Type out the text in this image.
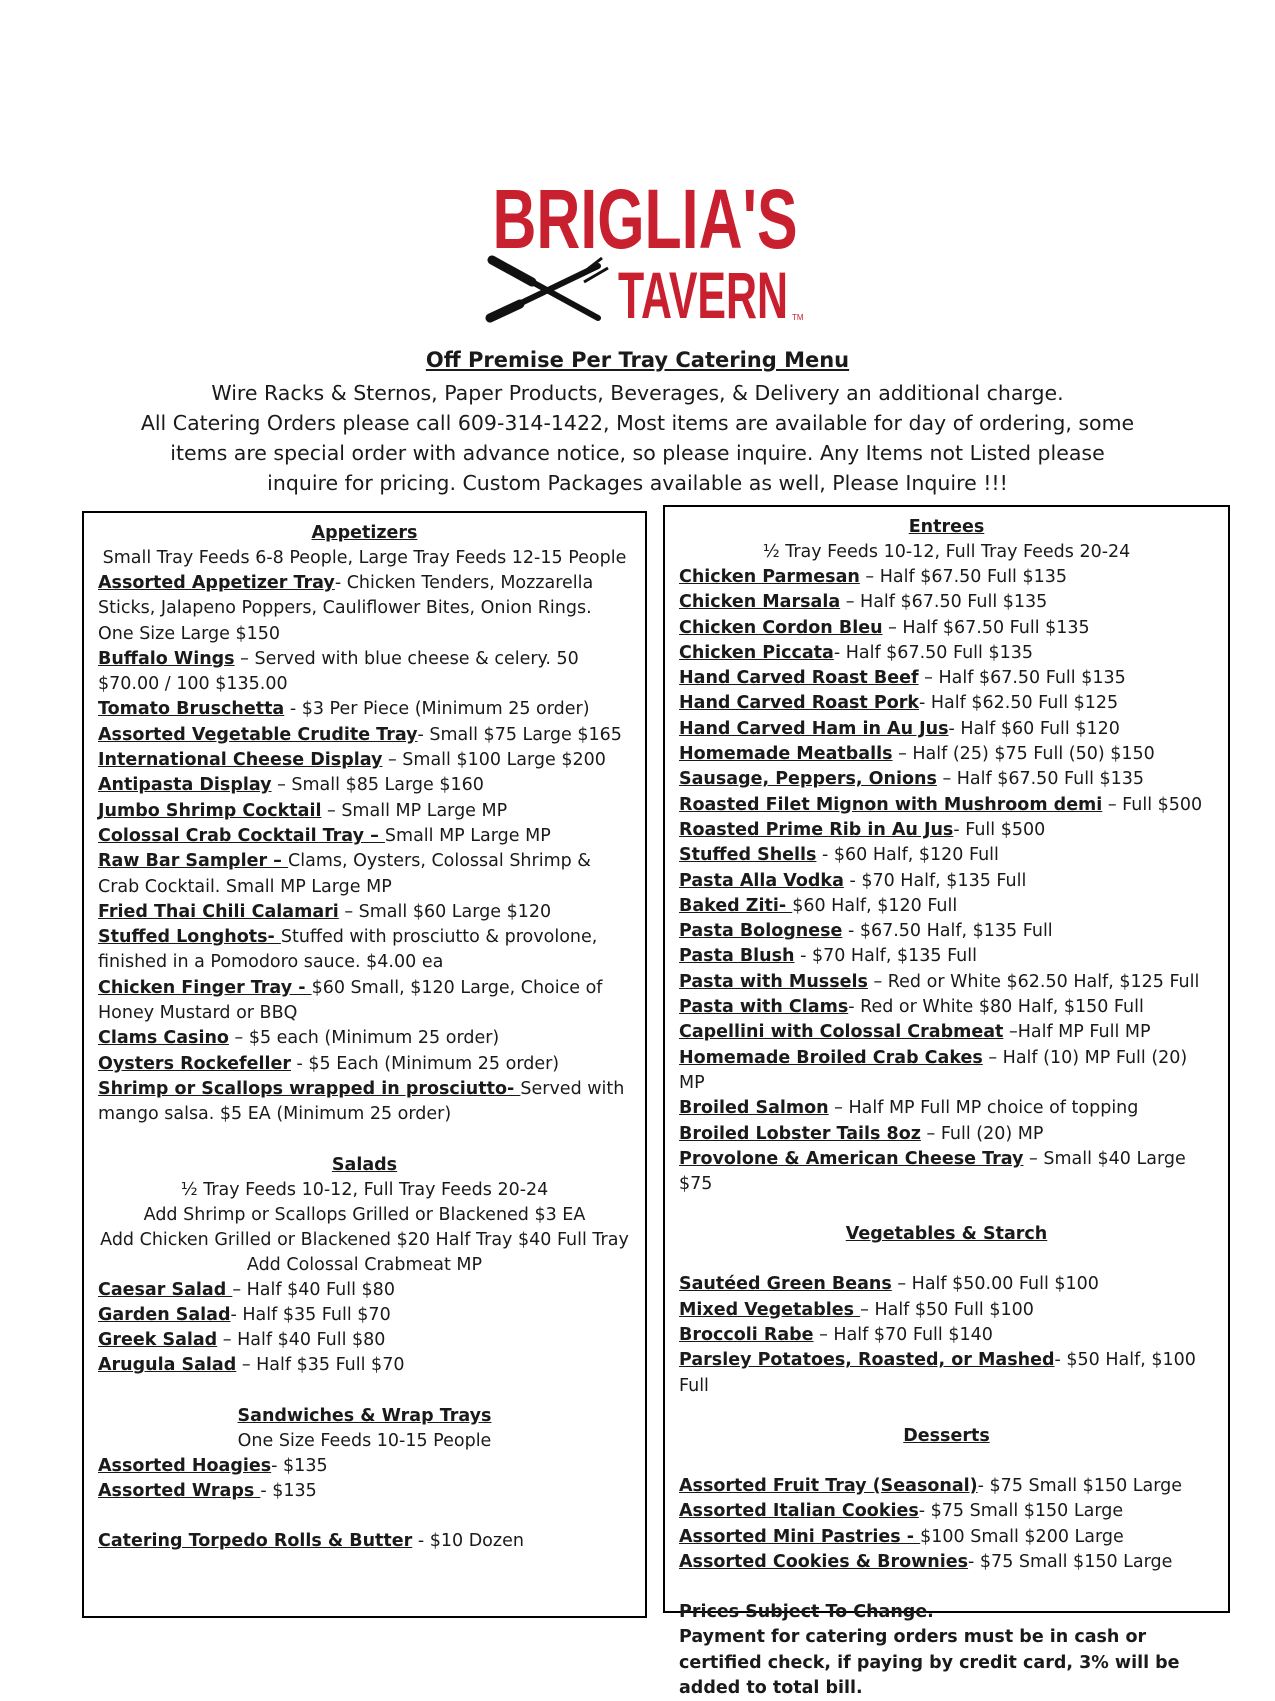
BRIGLIA'S
TAVERN TM

Off Premise Per Tray Catering Menu

Wire Racks & Sternos, Paper Products, Beverages, & Delivery an additional charge.

All Catering Orders please call 609-314-1422, Most items are available for day of ordering, some

items are special order with advance notice, so please inquire. Any Items not Listed please

inquire for pricing. Custom Packages available as well, Please Inquire !!!

Appetizers
Small Tray Feeds 6-8 People, Large Tray Feeds 12-15 People
Assorted Appetizer Tray- Chicken Tenders, Mozzarella Sticks, Jalapeno Poppers, Cauliflower Bites, Onion Rings. One Size Large $150
Buffalo Wings – Served with blue cheese & celery. 50 $70.00 / 100 $135.00
Tomato Bruschetta - $3 Per Piece (Minimum 25 order)
Assorted Vegetable Crudite Tray- Small $75 Large $165
International Cheese Display – Small $100 Large $200
Antipasta Display – Small $85 Large $160
Jumbo Shrimp Cocktail – Small MP Large MP
Colossal Crab Cocktail Tray – Small MP Large MP
Raw Bar Sampler – Clams, Oysters, Colossal Shrimp & Crab Cocktail. Small MP Large MP
Fried Thai Chili Calamari – Small $60 Large $120
Stuffed Longhots- Stuffed with prosciutto & provolone, finished in a Pomodoro sauce. $4.00 ea
Chicken Finger Tray - $60 Small, $120 Large, Choice of Honey Mustard or BBQ
Clams Casino – $5 each (Minimum 25 order)
Oysters Rockefeller - $5 Each (Minimum 25 order)
Shrimp or Scallops wrapped in prosciutto- Served with mango salsa. $5 EA (Minimum 25 order)
Salads
½ Tray Feeds 10-12, Full Tray Feeds 20-24
Add Shrimp or Scallops Grilled or Blackened $3 EA
Add Chicken Grilled or Blackened $20 Half Tray $40 Full Tray
Add Colossal Crabmeat MP
Caesar Salad – Half $40 Full $80
Garden Salad- Half $35 Full $70
Greek Salad – Half $40 Full $80
Arugula Salad – Half $35 Full $70
Sandwiches & Wrap Trays
One Size Feeds 10-15 People
Assorted Hoagies- $135
Assorted Wraps - $135
Catering Torpedo Rolls & Butter - $10 Dozen
Entrees
½ Tray Feeds 10-12, Full Tray Feeds 20-24
Chicken Parmesan – Half $67.50 Full $135
Chicken Marsala – Half $67.50 Full $135
Chicken Cordon Bleu – Half $67.50 Full $135
Chicken Piccata- Half $67.50 Full $135
Hand Carved Roast Beef – Half $67.50 Full $135
Hand Carved Roast Pork- Half $62.50 Full $125
Hand Carved Ham in Au Jus- Half $60 Full $120
Homemade Meatballs – Half (25) $75 Full (50) $150
Sausage, Peppers, Onions – Half $67.50 Full $135
Roasted Filet Mignon with Mushroom demi – Full $500
Roasted Prime Rib in Au Jus- Full $500
Stuffed Shells - $60 Half, $120 Full
Pasta Alla Vodka - $70 Half, $135 Full
Baked Ziti- $60 Half, $120 Full
Pasta Bolognese - $67.50 Half, $135 Full
Pasta Blush - $70 Half, $135 Full
Pasta with Mussels – Red or White $62.50 Half, $125 Full
Pasta with Clams- Red or White $80 Half, $150 Full
Capellini with Colossal Crabmeat –Half MP Full MP
Homemade Broiled Crab Cakes – Half (10) MP Full (20) MP
Broiled Salmon – Half MP Full MP choice of topping
Broiled Lobster Tails 8oz – Full (20) MP
Provolone & American Cheese Tray – Small $40 Large $75
Vegetables & Starch
Sautéed Green Beans – Half $50.00 Full $100
Mixed Vegetables – Half $50 Full $100
Broccoli Rabe – Half $70 Full $140
Parsley Potatoes, Roasted, or Mashed- $50 Half, $100 Full
Desserts
Assorted Fruit Tray (Seasonal)- $75 Small $150 Large
Assorted Italian Cookies- $75 Small $150 Large
Assorted Mini Pastries - $100 Small $200 Large
Assorted Cookies & Brownies- $75 Small $150 Large
Prices Subject To Change.
Payment for catering orders must be in cash or certified check, if paying by credit card, 3% will be added to total bill.
